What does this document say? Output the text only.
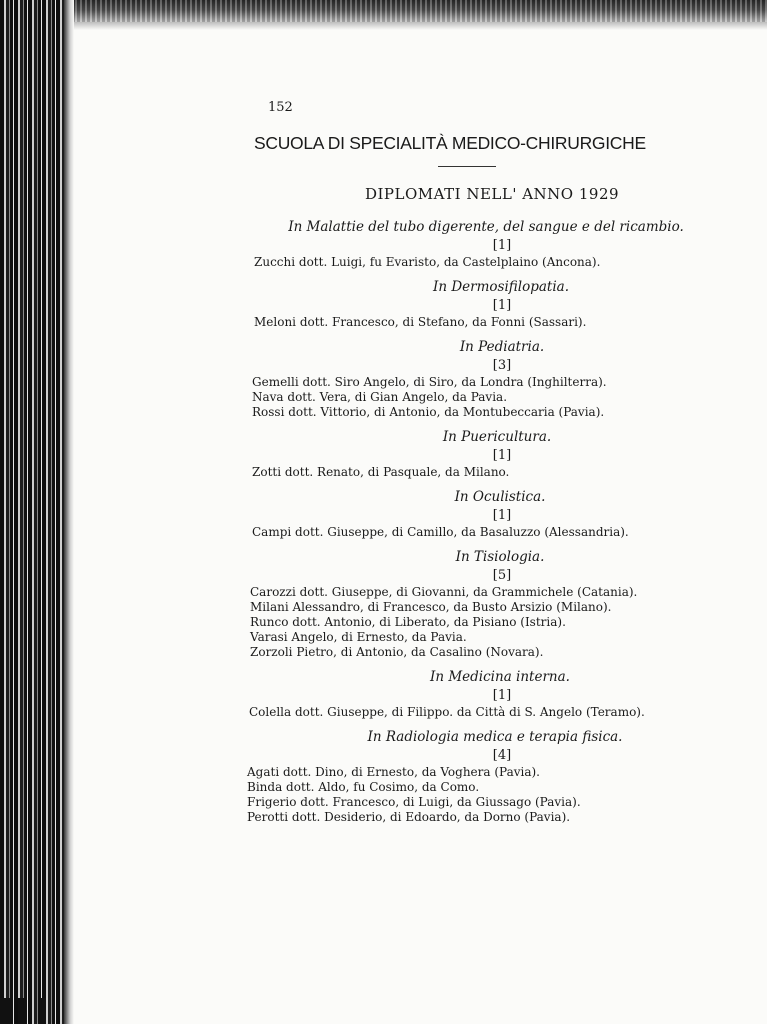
152
SCUOLA DI SPECIALITÀ MEDICO-CHIRURGICHE
DIPLOMATI NELL' ANNO 1929
In Malattie del tubo digerente, del sangue e del ricambio.
[1]
Zucchi dott. Luigi, fu Evaristo, da Castelplaino (Ancona).
In Dermosifilopatia.
[1]
Meloni dott. Francesco, di Stefano, da Fonni (Sassari).
In Pediatria.
[3]
Gemelli dott. Siro Angelo, di Siro, da Londra (Inghilterra).
Nava dott. Vera, di Gian Angelo, da Pavia.
Rossi dott. Vittorio, di Antonio, da Montubeccaria (Pavia).
In Puericultura.
[1]
Zotti dott. Renato, di Pasquale, da Milano.
In Oculistica.
[1]
Campi dott. Giuseppe, di Camillo, da Basaluzzo (Alessandria).
In Tisiologia.
[5]
Carozzi dott. Giuseppe, di Giovanni, da Grammichele (Catania).
Milani Alessandro, di Francesco, da Busto Arsizio (Milano).
Runco dott. Antonio, di Liberato, da Pisiano (Istria).
Varasi Angelo, di Ernesto, da Pavia.
Zorzoli Pietro, di Antonio, da Casalino (Novara).
In Medicina interna.
[1]
Colella dott. Giuseppe, di Filippo. da Città di S. Angelo (Teramo).
In Radiologia medica e terapia fisica.
[4]
Agati dott. Dino, di Ernesto, da Voghera (Pavia).
Binda dott. Aldo, fu Cosimo, da Como.
Frigerio dott. Francesco, di Luigi, da Giussago (Pavia).
Perotti dott. Desiderio, di Edoardo, da Dorno (Pavia).
